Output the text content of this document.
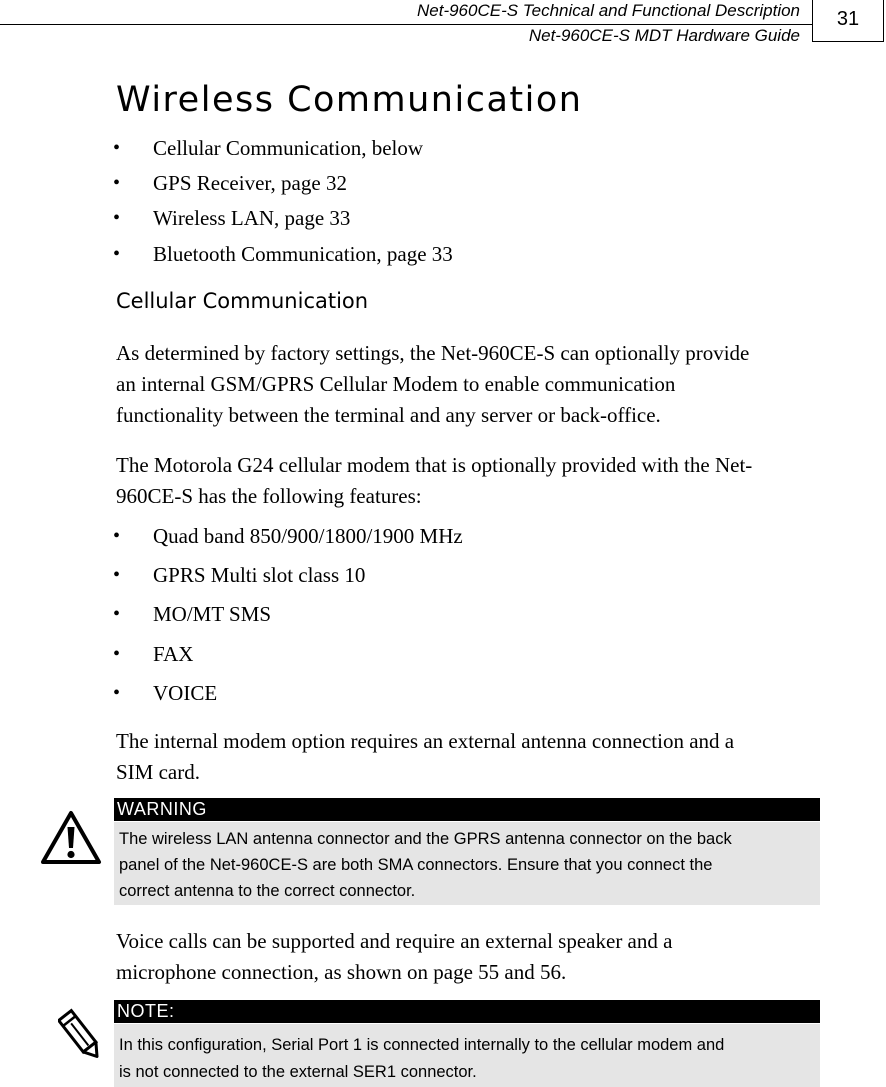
Net-960CE-S Technical and Functional Description
Net-960CE-S MDT Hardware Guide
31
Wireless Communication
• Cellular Communication, below
• GPS Receiver, page 32
• Wireless LAN, page 33
• Bluetooth Communication, page 33
Cellular Communication
As determined by factory settings, the Net-960CE-S can optionally provide
an internal GSM/GPRS Cellular Modem to enable communication
functionality between the terminal and any server or back-office.
The Motorola G24 cellular modem that is optionally provided with the Net-
960CE-S has the following features:
• Quad band 850/900/1800/1900 MHz
• GPRS Multi slot class 10
• MO/MT SMS
• FAX
• VOICE
The internal modem option requires an external antenna connection and a
SIM card.
WARNING
The wireless LAN antenna connector and the GPRS antenna connector on the back
panel of the Net-960CE-S are both SMA connectors. Ensure that you connect the
correct antenna to the correct connector.
Voice calls can be supported and require an external speaker and a
microphone connection, as shown on page 55 and 56.
NOTE:
In this configuration, Serial Port 1 is connected internally to the cellular modem and
is not connected to the external SER1 connector.
